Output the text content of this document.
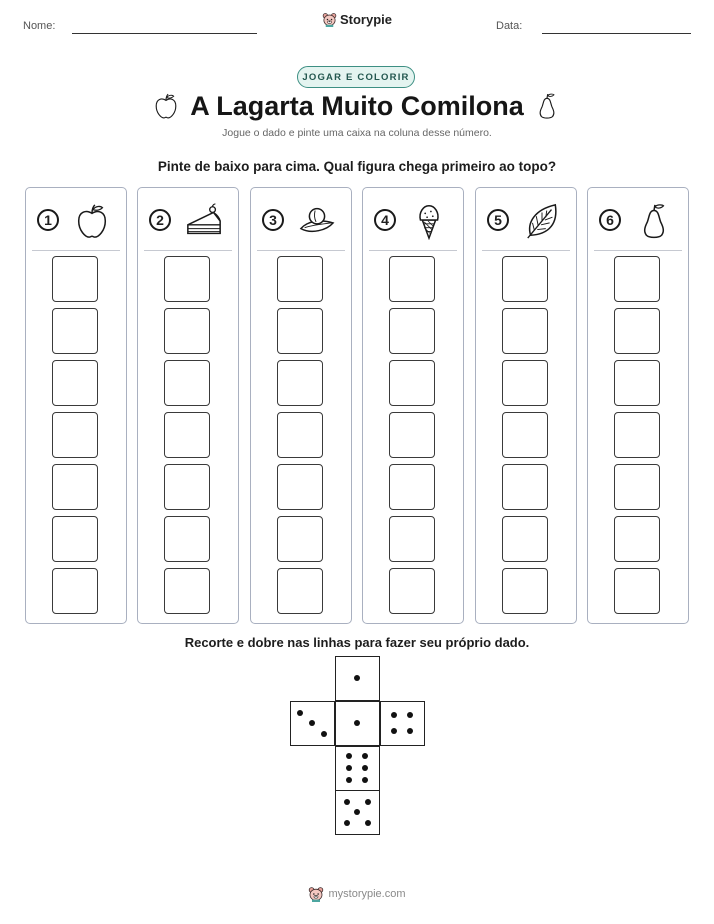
Nome:	Data:
Storypie
JOGAR E COLORIR
A Lagarta Muito Comilona
Jogue o dado e pinte uma caixa na coluna desse número.
Pinte de baixo para cima. Qual figura chega primeiro ao topo?
1	2	3	4	5	6
Recorte e dobre nas linhas para fazer seu próprio dado.
mystorypie.com
